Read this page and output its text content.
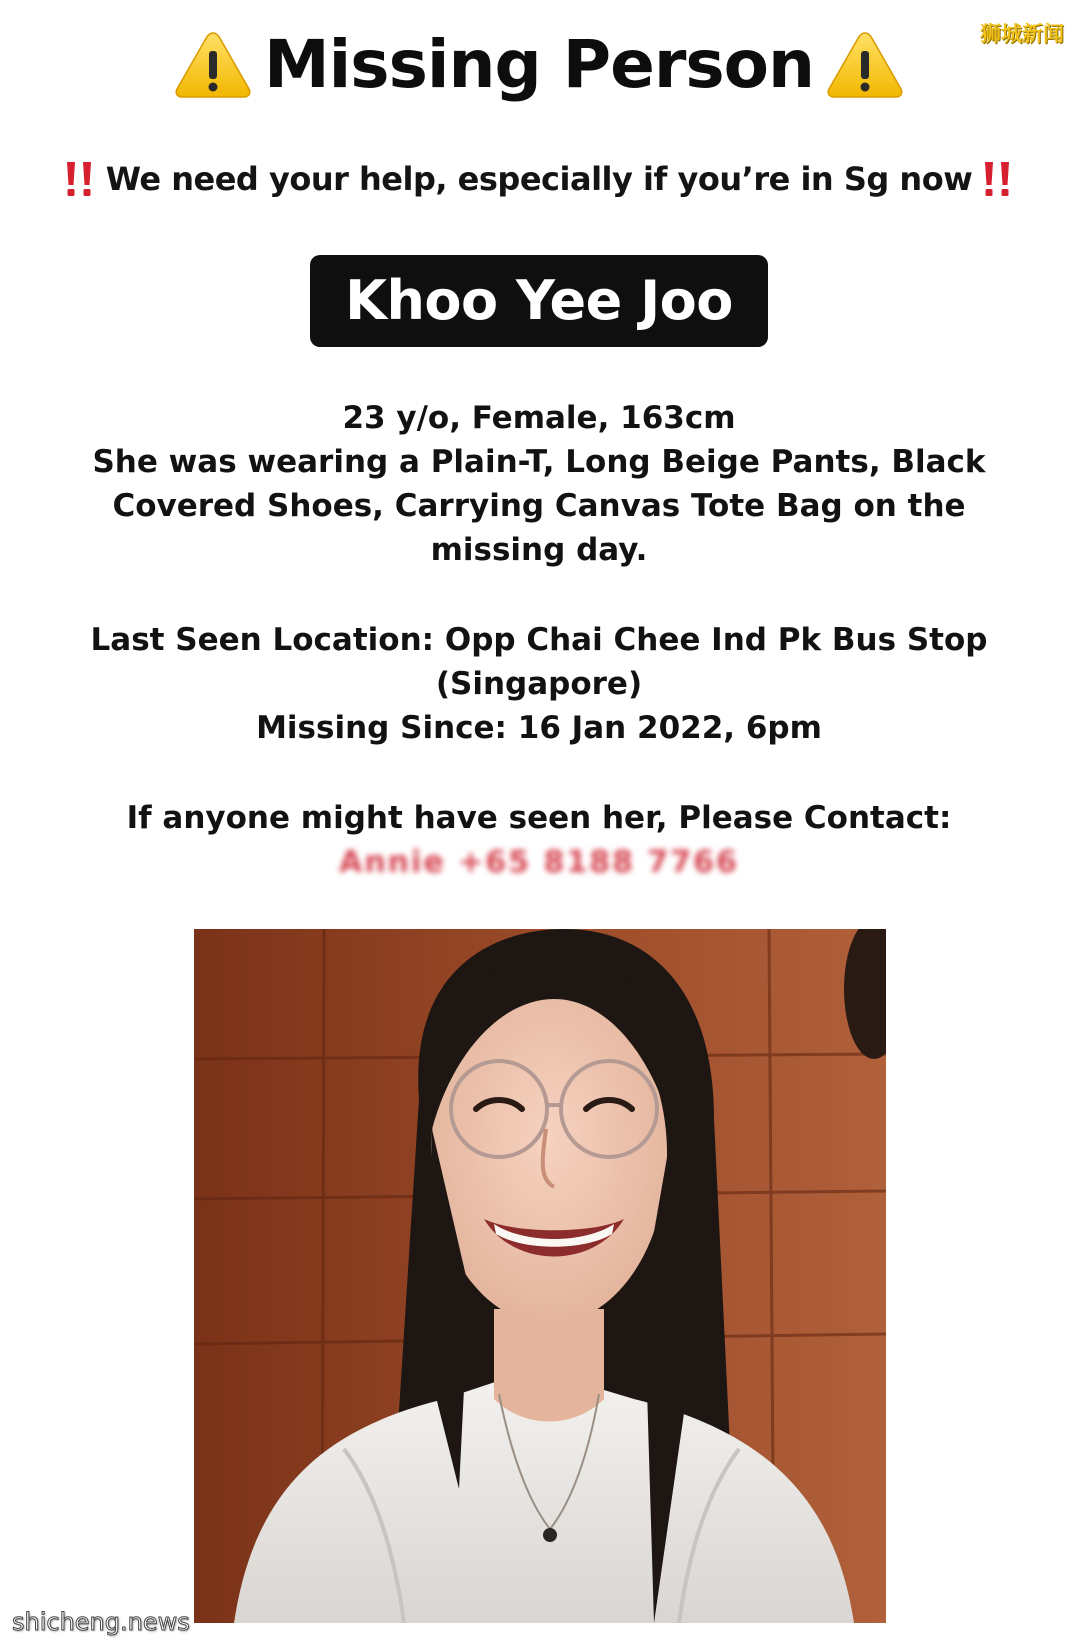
狮城新闻
Missing Person
We need your help, especially if you’re in Sg now
Khoo Yee Joo

23 y/o, Female, 163cm

She was wearing a Plain-T, Long Beige Pants, Black

Covered Shoes, Carrying Canvas Tote Bag on the

missing day.

Last Seen Location: Opp Chai Chee Ind Pk Bus Stop

(Singapore)

Missing Since: 16 Jan 2022, 6pm

If anyone might have seen her, Please Contact:

Annie +65 8188 7766

shicheng.news
